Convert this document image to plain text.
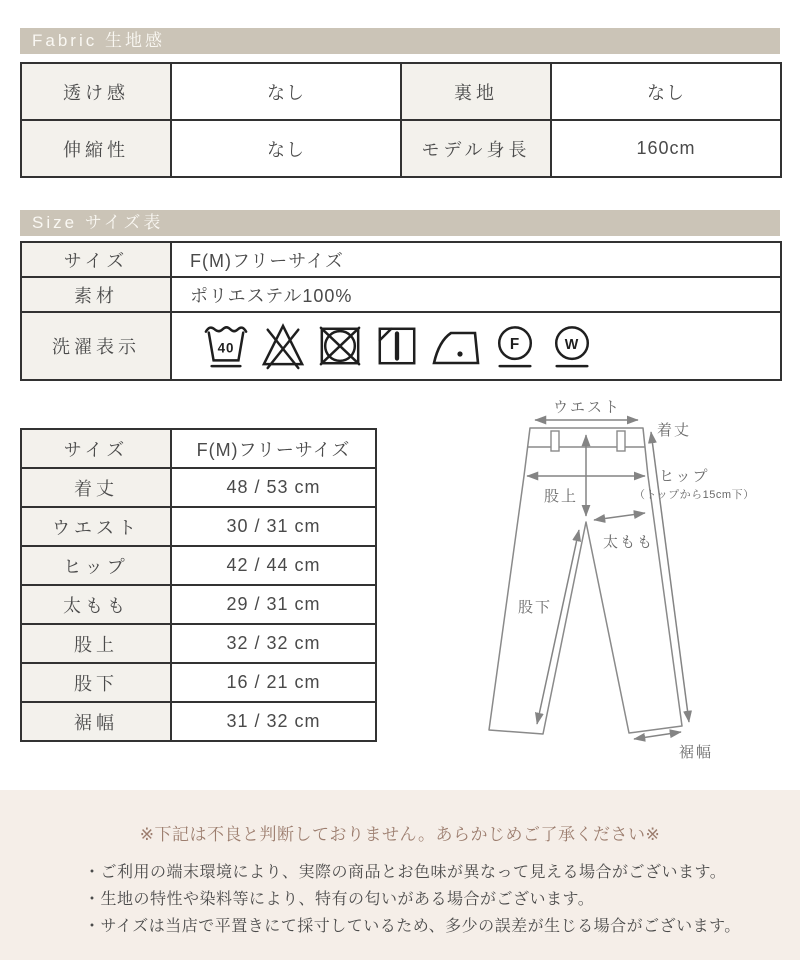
Fabric 生地感
透け感	なし	裏地	なし
伸縮性	なし	モデル身長	160cm
Size サイズ表
サイズ	F(M)フリーサイズ
素材	ポリエステル100%
洗濯表示	40 F W
サイズ	F(M)フリーサイズ
着丈	48 / 53 cm
ウエスト	30 / 31 cm
ヒップ	42 / 44 cm
太もも	29 / 31 cm
股上	32 / 32 cm
股下	16 / 21 cm
裾幅	31 / 32 cm
ウエスト
着丈
ヒップ
（トップから15cm下）
股上
太もも
股下
裾幅
※下記は不良と判断しておりません。あらかじめご了承ください※
・ご利用の端末環境により、実際の商品とお色味が異なって見える場合がございます。
・生地の特性や染料等により、特有の匂いがある場合がございます。
・サイズは当店で平置きにて採寸しているため、多少の誤差が生じる場合がございます。
